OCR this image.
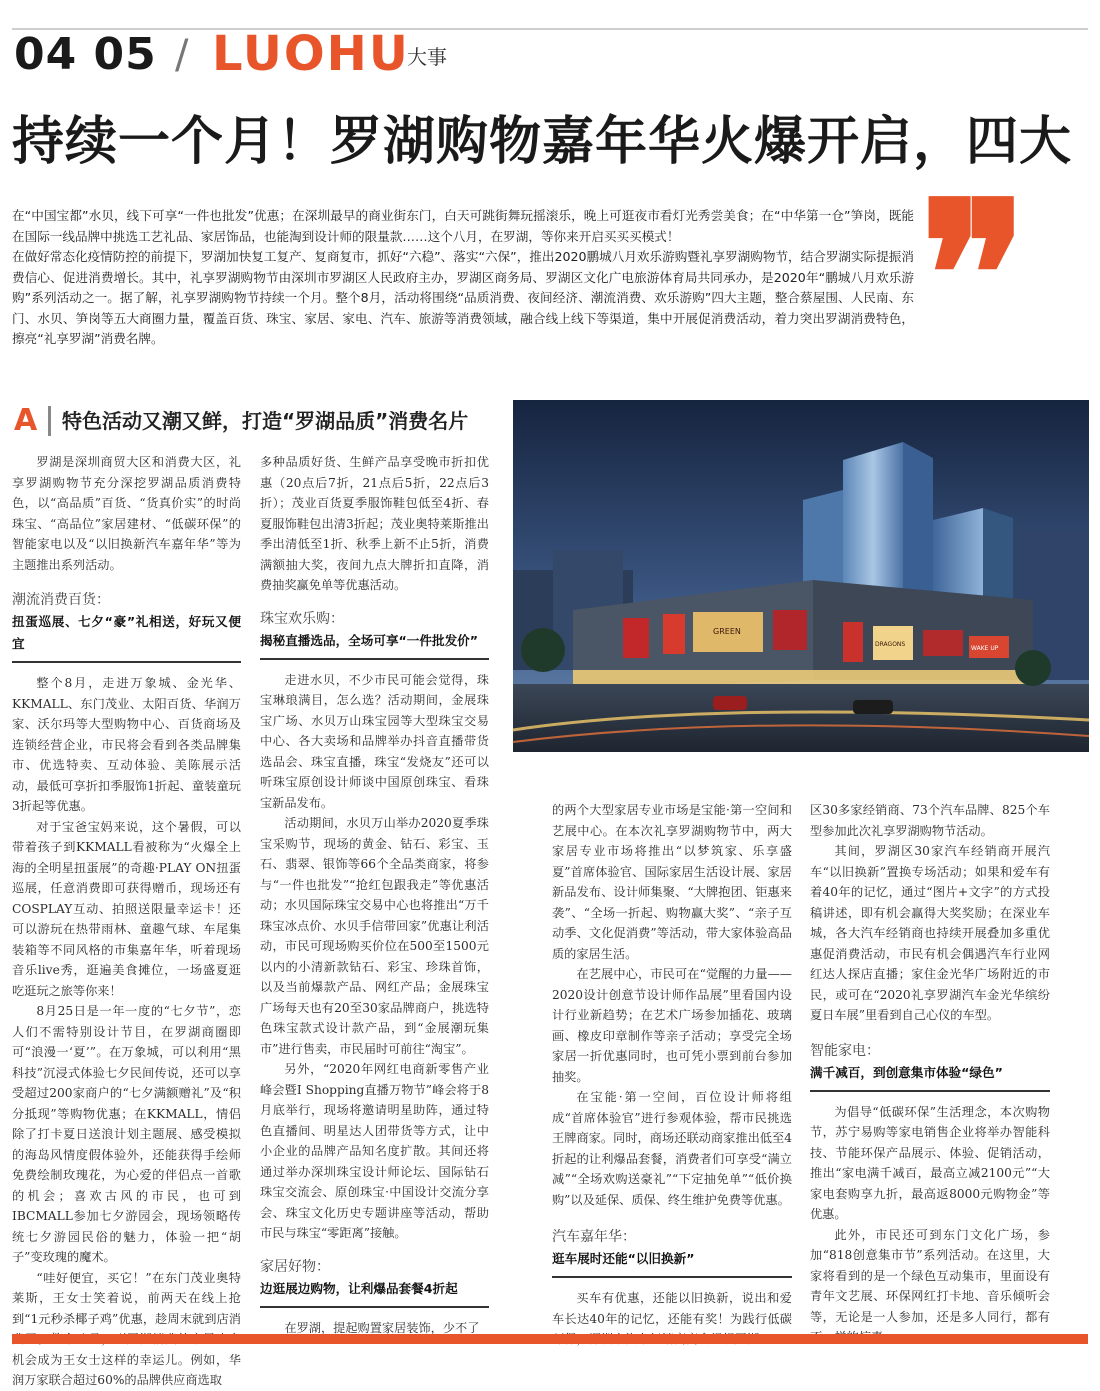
04 05 / LUOHU
大事
持续一个月！罗湖购物嘉年华火爆开启，四大

在“中国宝都”水贝，线下可享“一件也批发”优惠；在深圳最早的商业街东门，白天可跳街舞玩摇滚乐，晚上可逛夜市看灯光秀尝美食；在“中华第一仓”笋岗，既能在国际一线品牌中挑选工艺礼品、家居饰品，也能淘到设计师的限量款……这个八月，在罗湖，等你来开启买买买模式！

在做好常态化疫情防控的前提下，罗湖加快复工复产、复商复市，抓好“六稳”、落实“六保”，推出2020鹏城八月欢乐游购暨礼享罗湖购物节，结合罗湖实际提振消费信心、促进消费增长。其中，礼享罗湖购物节由深圳市罗湖区人民政府主办，罗湖区商务局、罗湖区文化广电旅游体育局共同承办，是2020年“鹏城八月欢乐游购”系列活动之一。据了解，礼享罗湖购物节持续一个月。整个8月，活动将围绕“品质消费、夜间经济、潮流消费、欢乐游购”四大主题，整合蔡屋围、人民南、东门、水贝、笋岗等五大商圈力量，覆盖百货、珠宝、家居、家电、汽车、旅游等消费领域，融合线上线下等渠道，集中开展促消费活动，着力突出罗湖消费特色，擦亮“礼享罗湖”消费名牌。	❞
A	特色活动又潮又鲜，打造“罗湖品质”消费名片
GREEN
DRAGONS
WAKE UP

罗湖是深圳商贸大区和消费大区，礼享罗湖购物节充分深挖罗湖品质消费特色，以“高品质”百货、“货真价实”的时尚珠宝、“高品位”家居建材、“低碳环保”的智能家电以及“以旧换新汽车嘉年华”等为主题推出系列活动。

潮流消费百货：
扭蛋巡展、七夕“豪”礼相送，好玩又便宜

整个8月，走进万象城、金光华、KKMALL、东门茂业、太阳百货、华润万家、沃尔玛等大型购物中心、百货商场及连锁经营企业，市民将会看到各类品牌集市、优选特卖、互动体验、美陈展示活动，最低可享折扣季服饰1折起、童装童玩3折起等优惠。

对于宝爸宝妈来说，这个暑假，可以带着孩子到KKMALL看被称为“火爆全上海的全明星扭蛋展”的奇趣·PLAY ON扭蛋巡展，任意消费即可获得赠币，现场还有COSPLAY互动、拍照送限量幸运卡！还可以游玩在热带雨林、童趣气球、车尾集装箱等不同风格的市集嘉年华，听着现场音乐live秀，逛遍美食摊位，一场盛夏逛吃逛玩之旅等你来！

8月25日是一年一度的“七夕节”，恋人们不需特别设计节目，在罗湖商圈即可“浪漫一‘夏’”。在万象城，可以利用“黑科技”沉浸式体验七夕民间传说，还可以享受超过200家商户的“七夕满额赠礼”及“积分抵现”等购物优惠；在KKMALL，情侣除了打卡夏日送浪计划主题展、感受模拟的海岛风情度假体验外，还能获得手绘师免费绘制玫瑰花，为心爱的伴侣点一首歌的机会；喜欢古风的市民，也可到IBCMALL参加七夕游园会，现场领略传统七夕游园民俗的魅力，体验一把“胡子”变玫瑰的魔术。

“哇好便宜，买它！”在东门茂业奥特莱斯，王女士笑着说，前两天在线上抢到“1元秒杀椰子鸡”优惠，趁周末就到店消 机会成为王女士这样的幸运儿。例如，华润万家联合超过60%的品牌供应商选取

多种品质好货、生鲜产品享受晚市折扣优惠（20点后7折，21点后5折，22点后3折）；茂业百货夏季服饰鞋包低至4折、春夏服饰鞋包出清3折起；茂业奥特莱斯推出季出清低至1折、秋季上新不止5折，消费满额抽大奖，夜间九点大牌折扣直降，消费抽奖赢免单等优惠活动。

珠宝欢乐购：
揭秘直播选品，全场可享“一件批发价”

走进水贝，不少市民可能会觉得，珠宝琳琅满目，怎么选？活动期间，金展珠宝广场、水贝万山珠宝园等大型珠宝交易中心、各大卖场和品牌举办抖音直播带货选品会、珠宝直播，珠宝“发烧友”还可以听珠宝原创设计师谈中国原创珠宝、看珠宝新品发布。

活动期间，水贝万山举办2020夏季珠宝采购节，现场的黄金、钻石、彩宝、玉石、翡翠、银饰等66个全品类商家，将参与“一件也批发”“抢红包跟我走”等优惠活动；水贝国际珠宝交易中心也将推出“万千珠宝冰点价、水贝手信带回家”优惠让利活动，市民可现场购买价位在500至1500元以内的小清新款钻石、彩宝、珍珠首饰，以及当前爆款产品、网红产品；金展珠宝广场每天也有20至30家品牌商户，挑选特色珠宝款式设计款产品，到“金展潮玩集市”进行售卖，市民届时可前往“淘宝”。

另外，“2020年网红电商新零售产业峰会暨I Shopping直播万物节”峰会将于8月底举行，现场将邀请明星助阵，通过特色直播间、明星达人团带货等方式，让中小企业的品牌产品知名度扩散。其间还将通过举办深圳珠宝设计师论坛、国际钻石珠宝交流会、原创珠宝·中国设计交流分享会、珠宝文化历史专题讲座等活动，帮助市民与珠宝“零距离”接触。

家居好物：
边逛展边购物，让利爆品套餐4折起

在罗湖，提起购置家居装饰，少不了

的两个大型家居专业市场是宝能·第一空间和艺展中心。在本次礼享罗湖购物节中，两大家居专业市场将推出“以梦筑家、乐享盛夏”首席体验官、国际家居生活设计展、家居新品发布、设计师集聚、“大牌抱团、钜惠来袭”、“全场一折起、购物赢大奖”、“亲子互动季、文化促消费”等活动，带大家体验高品质的家居生活。

在艺展中心，市民可在“觉醒的力量——2020设计创意节设计师作品展”里看国内设计行业新趋势；在艺术广场参加插花、玻璃画、橡皮印章制作等亲子活动；享受完全场家居一折优惠同时，也可凭小票到前台参加抽奖。

在宝能·第一空间，百位设计师将组成“首席体验官”进行参观体验，帮市民挑选王牌商家。同时，商场还联动商家推出低至4折起的让利爆品套餐，消费者们可享受“满立减”“全场欢购送豪礼”“下定抽免单”“低价换购”以及延保、质保、终生维护免费等优惠。

汽车嘉年华：
逛车展时还能“以旧换新”

买车有优惠，还能以旧换新，说出和爱车长达40年的记忆，还能有奖！为践行低碳

区30多家经销商、73个汽车品牌、825个车型参加此次礼享罗湖购物节活动。

其间，罗湖区30家汽车经销商开展汽车“以旧换新”置换专场活动；如果和爱车有着40年的记忆，通过“图片+文字”的方式投稿讲述，即有机会赢得大奖奖励；在深业车城，各大汽车经销商也持续开展叠加多重优惠促消费活动，市民有机会偶遇汽车行业网红达人探店直播；家住金光华广场附近的市民，或可在“2020礼享罗湖汽车金光华缤纷夏日车展”里看到自己心仪的车型。

智能家电：
满千减百，到创意集市体验“绿色”

为倡导“低碳环保”生活理念，本次购物节，苏宁易购等家电销售企业将举办智能科技、节能环保产品展示、体验、促销活动，推出“家电满千减百，最高立减2100元”“大家电套购享九折，最高返8000元购物金”等优惠。

此外，市民还可到东门文化广场，参加“818创意集市节”系列活动。在这里，大家将看到的是一个绿色互动集市，里面设有青年文艺展、环保网红打卡地、音乐倾听会等，无论是一人参加，还是多人同行，都有
